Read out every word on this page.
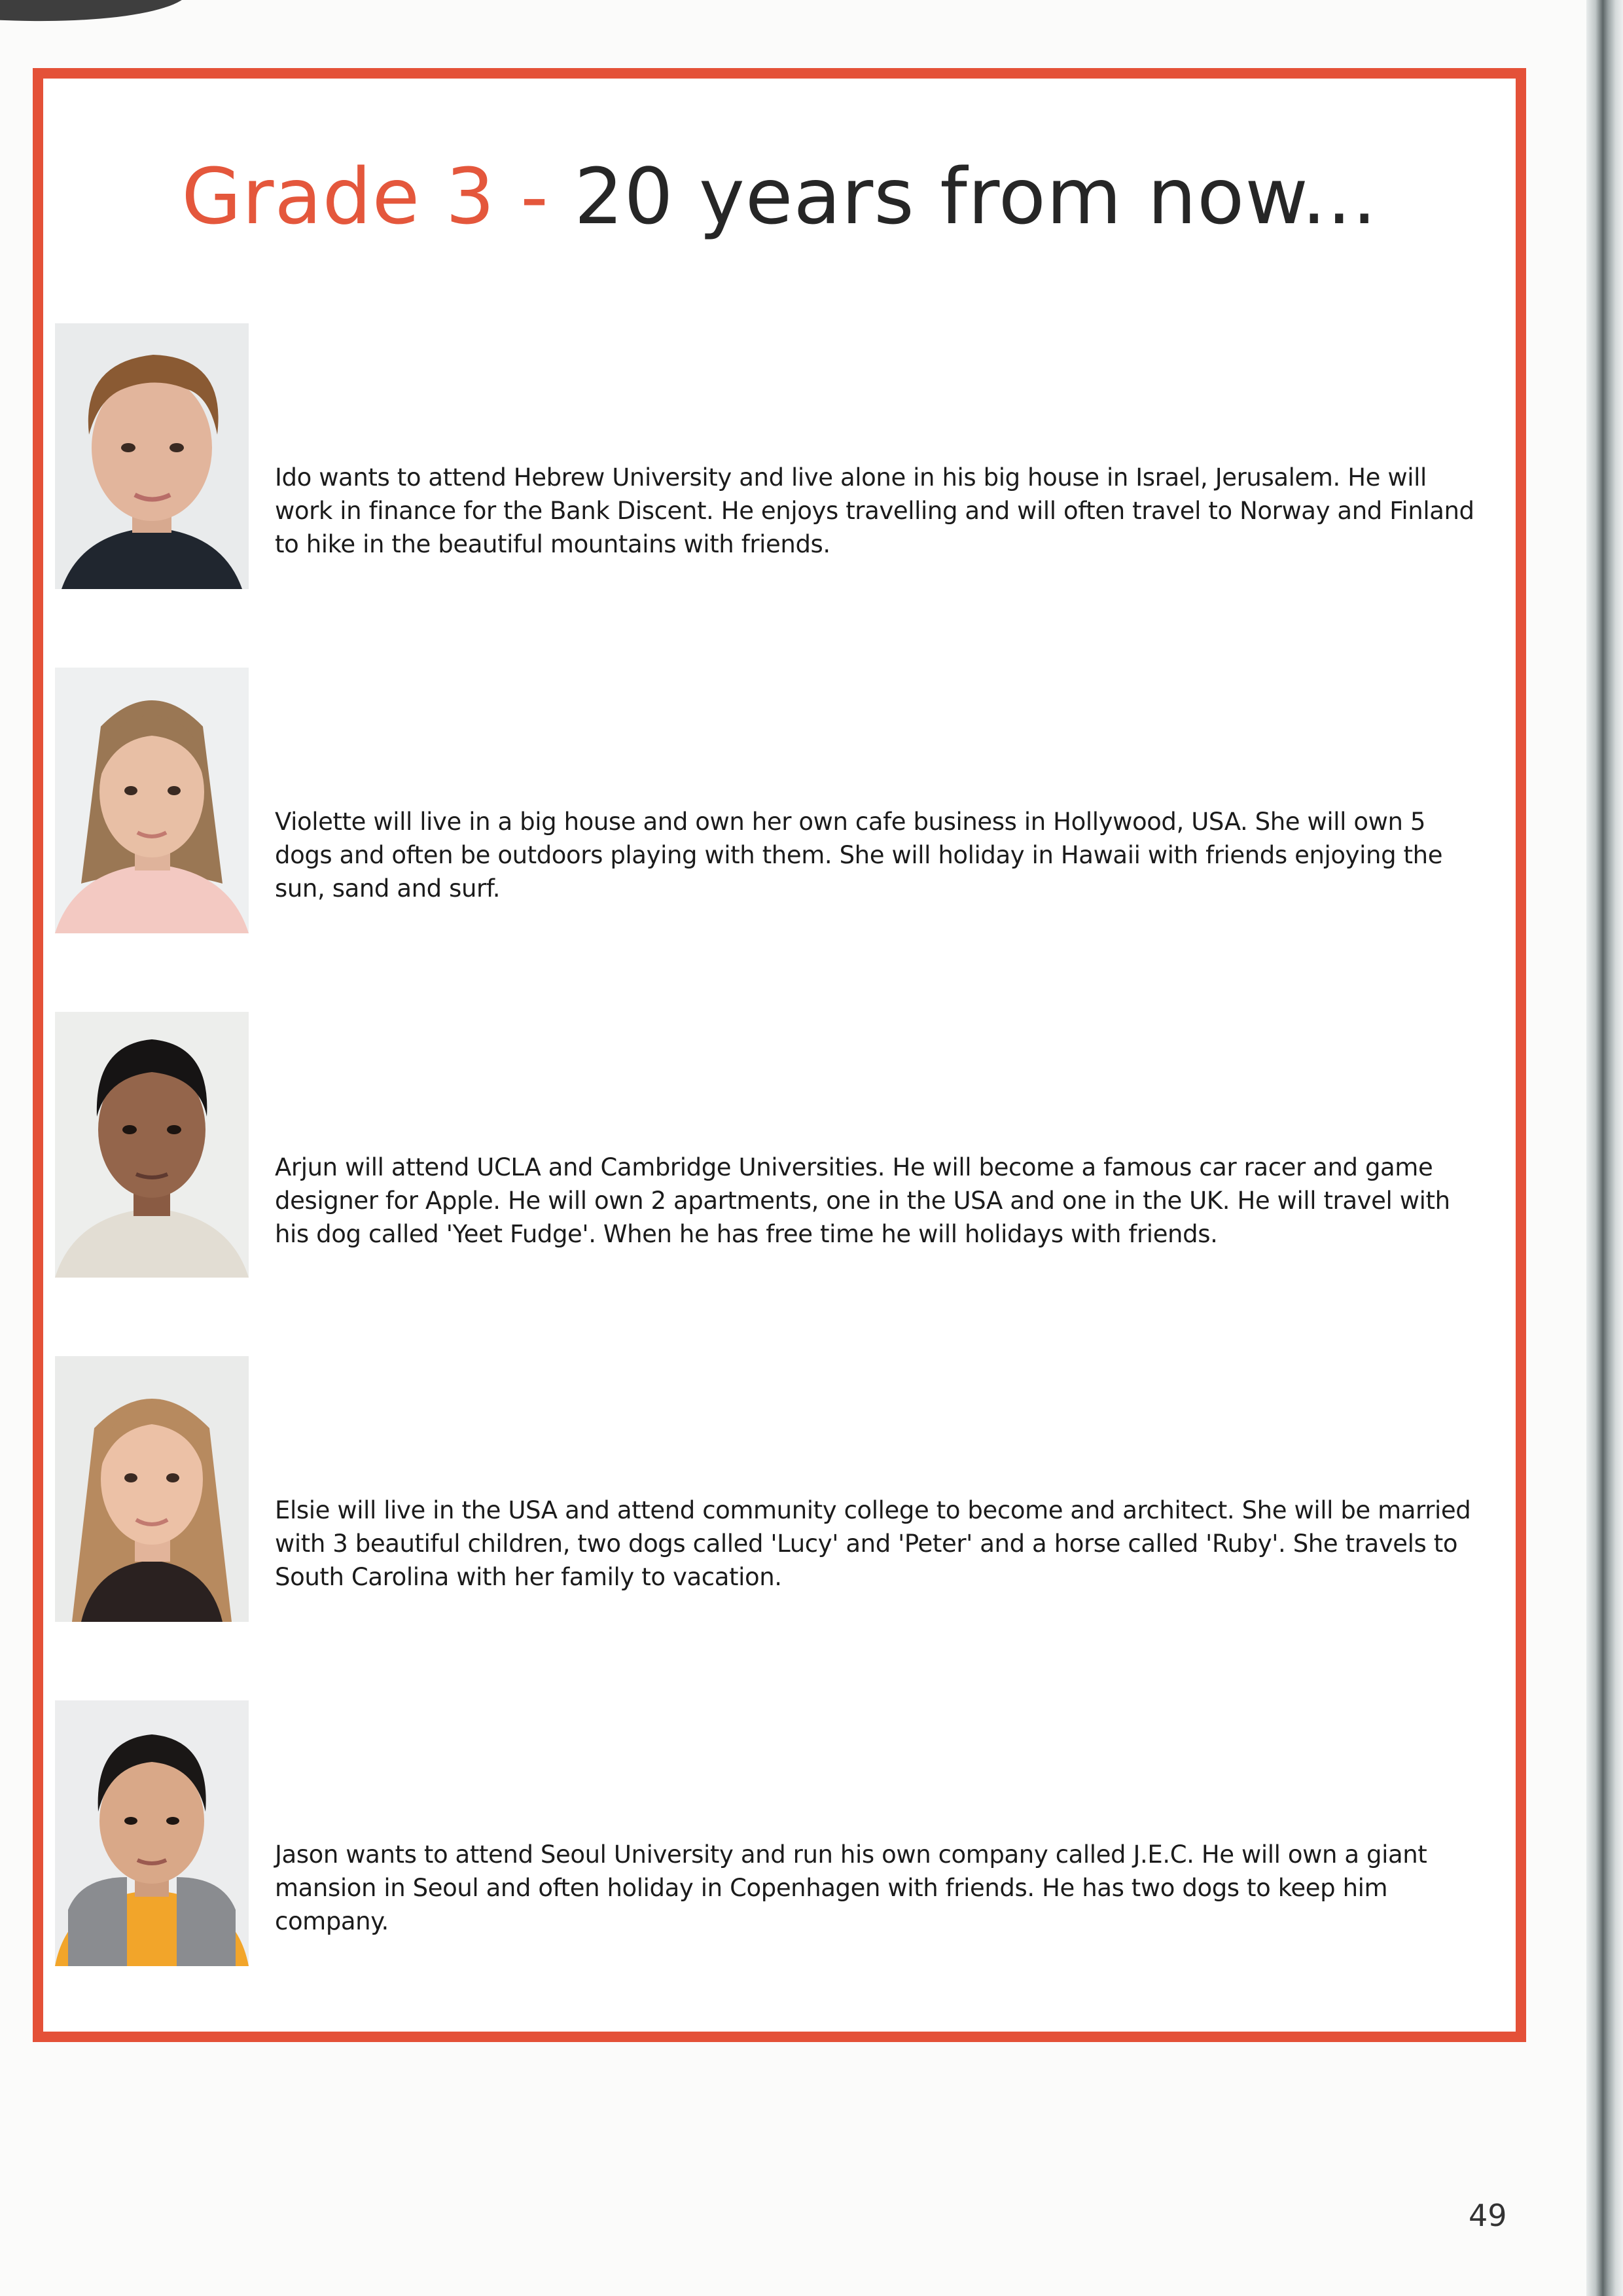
Grade 3 - 20 years from now...
Ido wants to attend Hebrew University and live alone in his big house in Israel, Jerusalem. He will work in finance for the Bank Discent. He enjoys travelling and will often travel to Norway and Finland to hike in the beautiful mountains with friends.
Violette will live in a big house and own her own cafe business in Hollywood, USA. She will own 5 dogs and often be outdoors playing with them. She will holiday in Hawaii with friends enjoying the sun, sand and surf.
Arjun will attend UCLA and Cambridge Universities. He will become a famous car racer and game designer for Apple. He will own 2 apartments, one in the USA and one in the UK. He will travel with his dog called 'Yeet Fudge'. When he has free time he will holidays with friends.
Elsie will live in the USA and attend community college to become and architect. She will be married with 3 beautiful children, two dogs called 'Lucy' and 'Peter' and a horse called 'Ruby'. She travels to South Carolina with her family to vacation.
Jason wants to attend Seoul University and run his own company called J.E.C. He will own a giant mansion in Seoul and often holiday in Copenhagen with friends. He has two dogs to keep him company.
49
